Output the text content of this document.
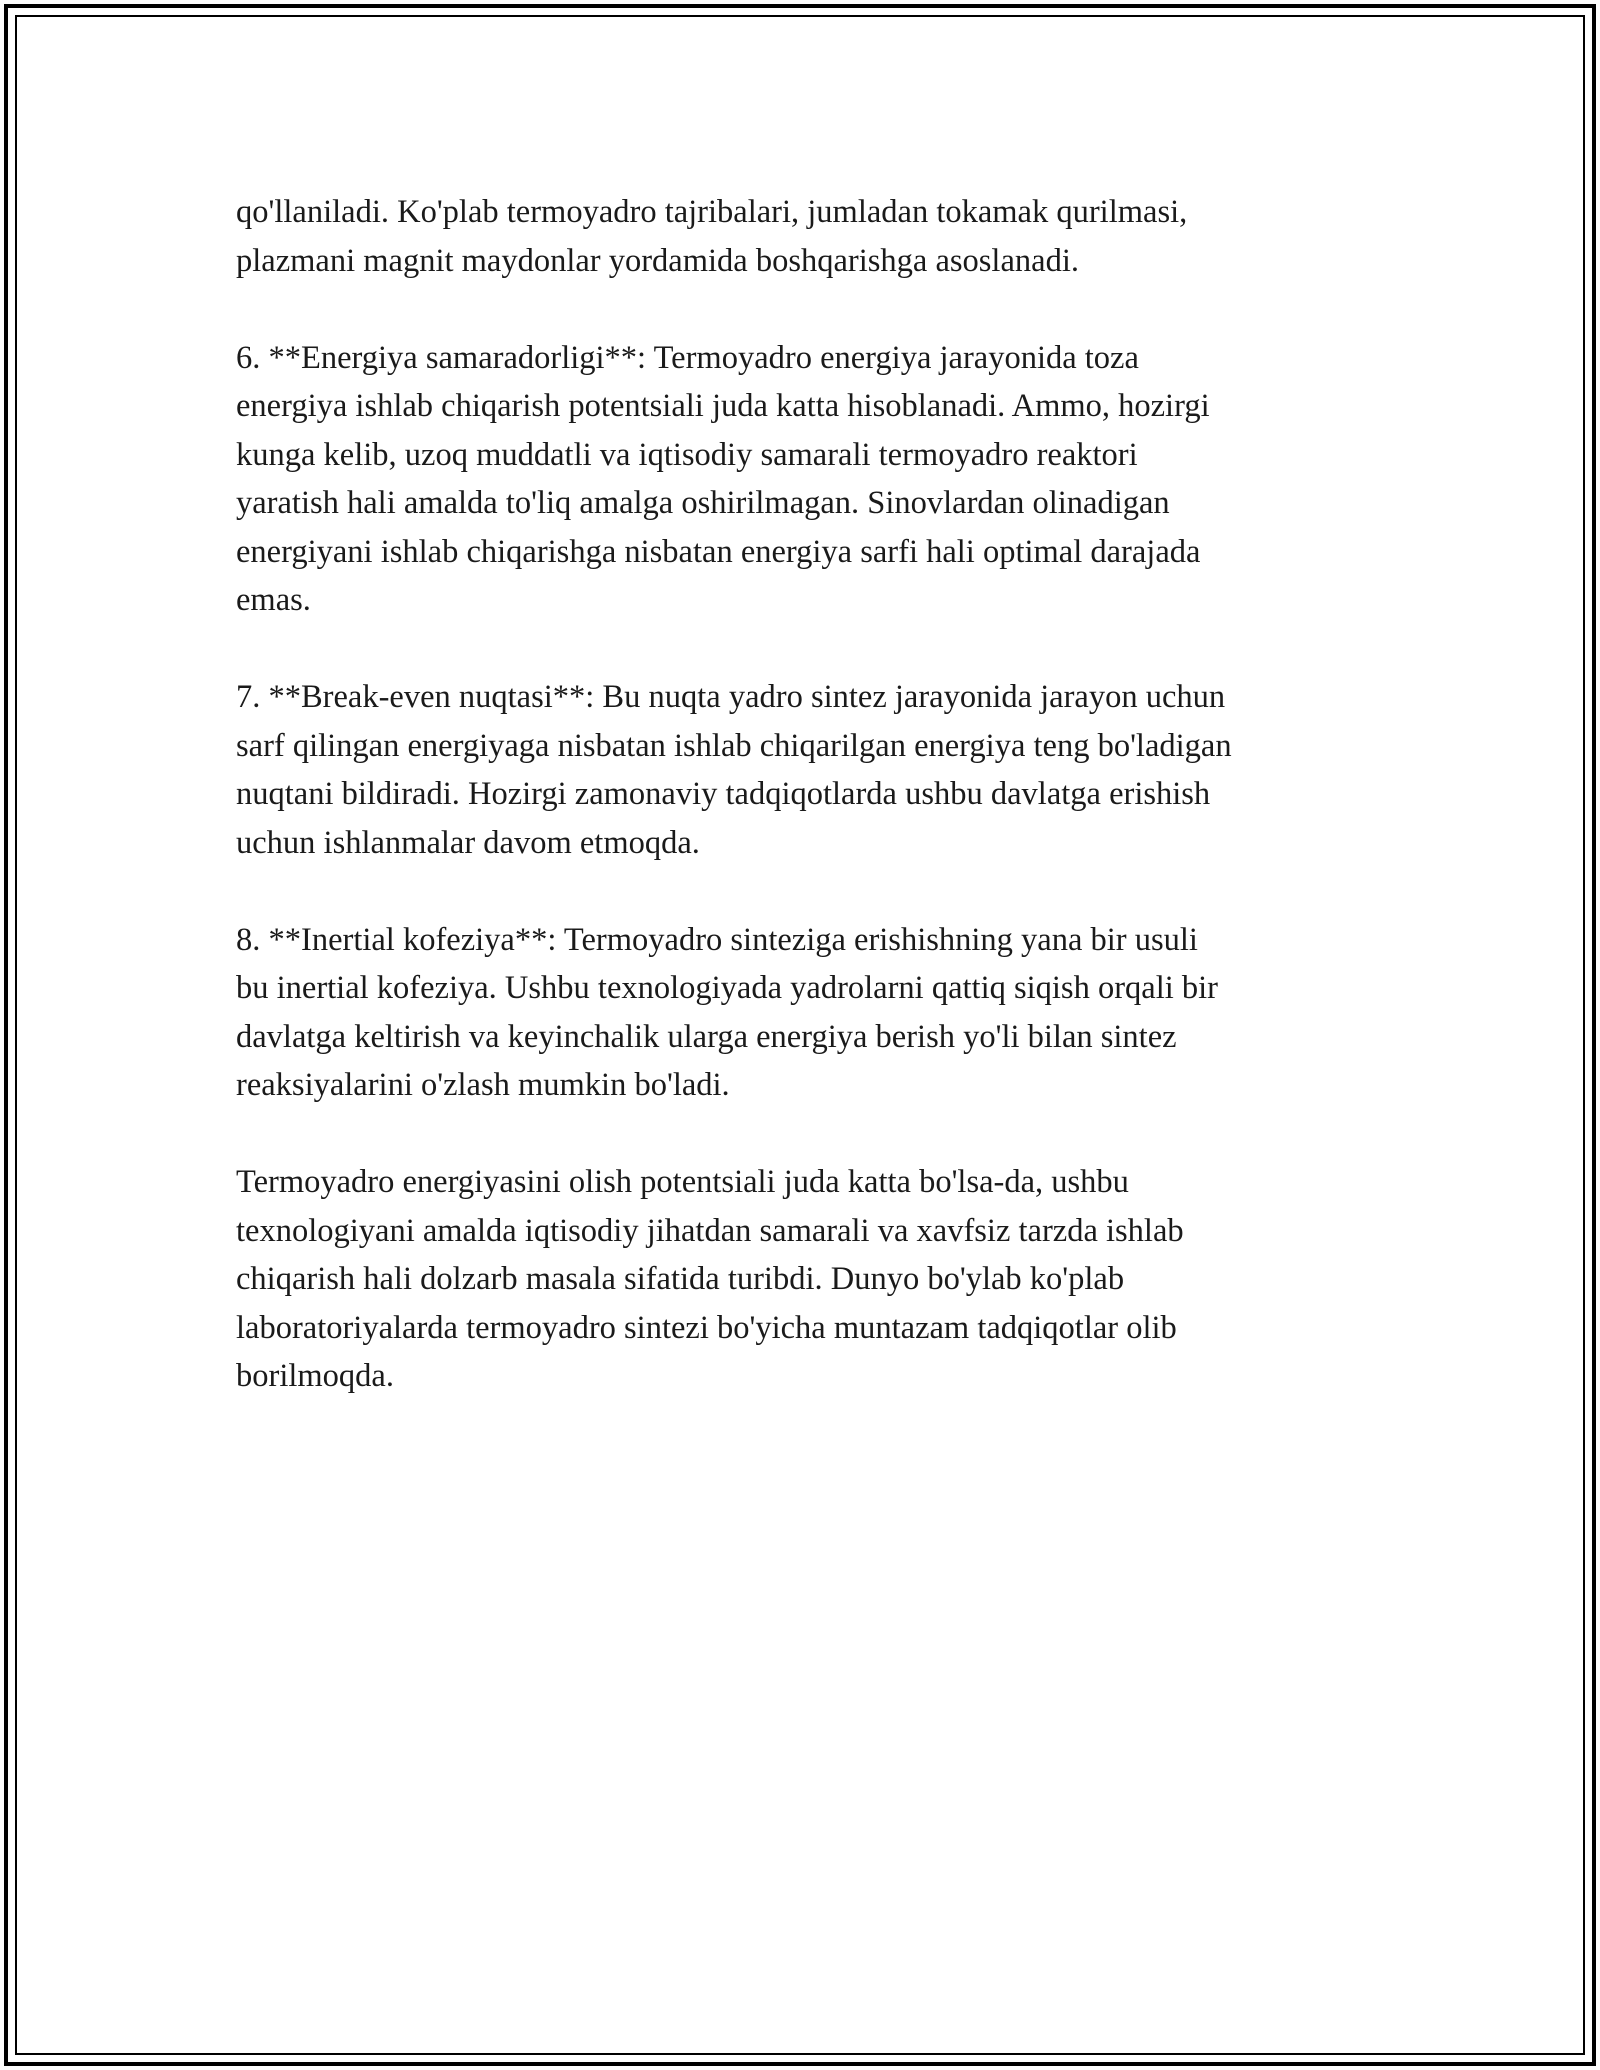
qo'llaniladi. Ko'plab termoyadro tajribalari, jumladan tokamak qurilmasi,
plazmani magnit maydonlar yordamida boshqarishga asoslanadi.

6. **Energiya samaradorligi**: Termoyadro energiya jarayonida toza
energiya ishlab chiqarish potentsiali juda katta hisoblanadi. Ammo, hozirgi
kunga kelib, uzoq muddatli va iqtisodiy samarali termoyadro reaktori
yaratish hali amalda to'liq amalga oshirilmagan. Sinovlardan olinadigan
energiyani ishlab chiqarishga nisbatan energiya sarfi hali optimal darajada
emas.

7. **Break-even nuqtasi**: Bu nuqta yadro sintez jarayonida jarayon uchun
sarf qilingan energiyaga nisbatan ishlab chiqarilgan energiya teng bo'ladigan
nuqtani bildiradi. Hozirgi zamonaviy tadqiqotlarda ushbu davlatga erishish
uchun ishlanmalar davom etmoqda.

8. **Inertial kofeziya**: Termoyadro sinteziga erishishning yana bir usuli
bu inertial kofeziya. Ushbu texnologiyada yadrolarni qattiq siqish orqali bir
davlatga keltirish va keyinchalik ularga energiya berish yo'li bilan sintez
reaksiyalarini o'zlash mumkin bo'ladi.

Termoyadro energiyasini olish potentsiali juda katta bo'lsa-da, ushbu
texnologiyani amalda iqtisodiy jihatdan samarali va xavfsiz tarzda ishlab
chiqarish hali dolzarb masala sifatida turibdi. Dunyo bo'ylab ko'plab
laboratoriyalarda termoyadro sintezi bo'yicha muntazam tadqiqotlar olib
borilmoqda.
